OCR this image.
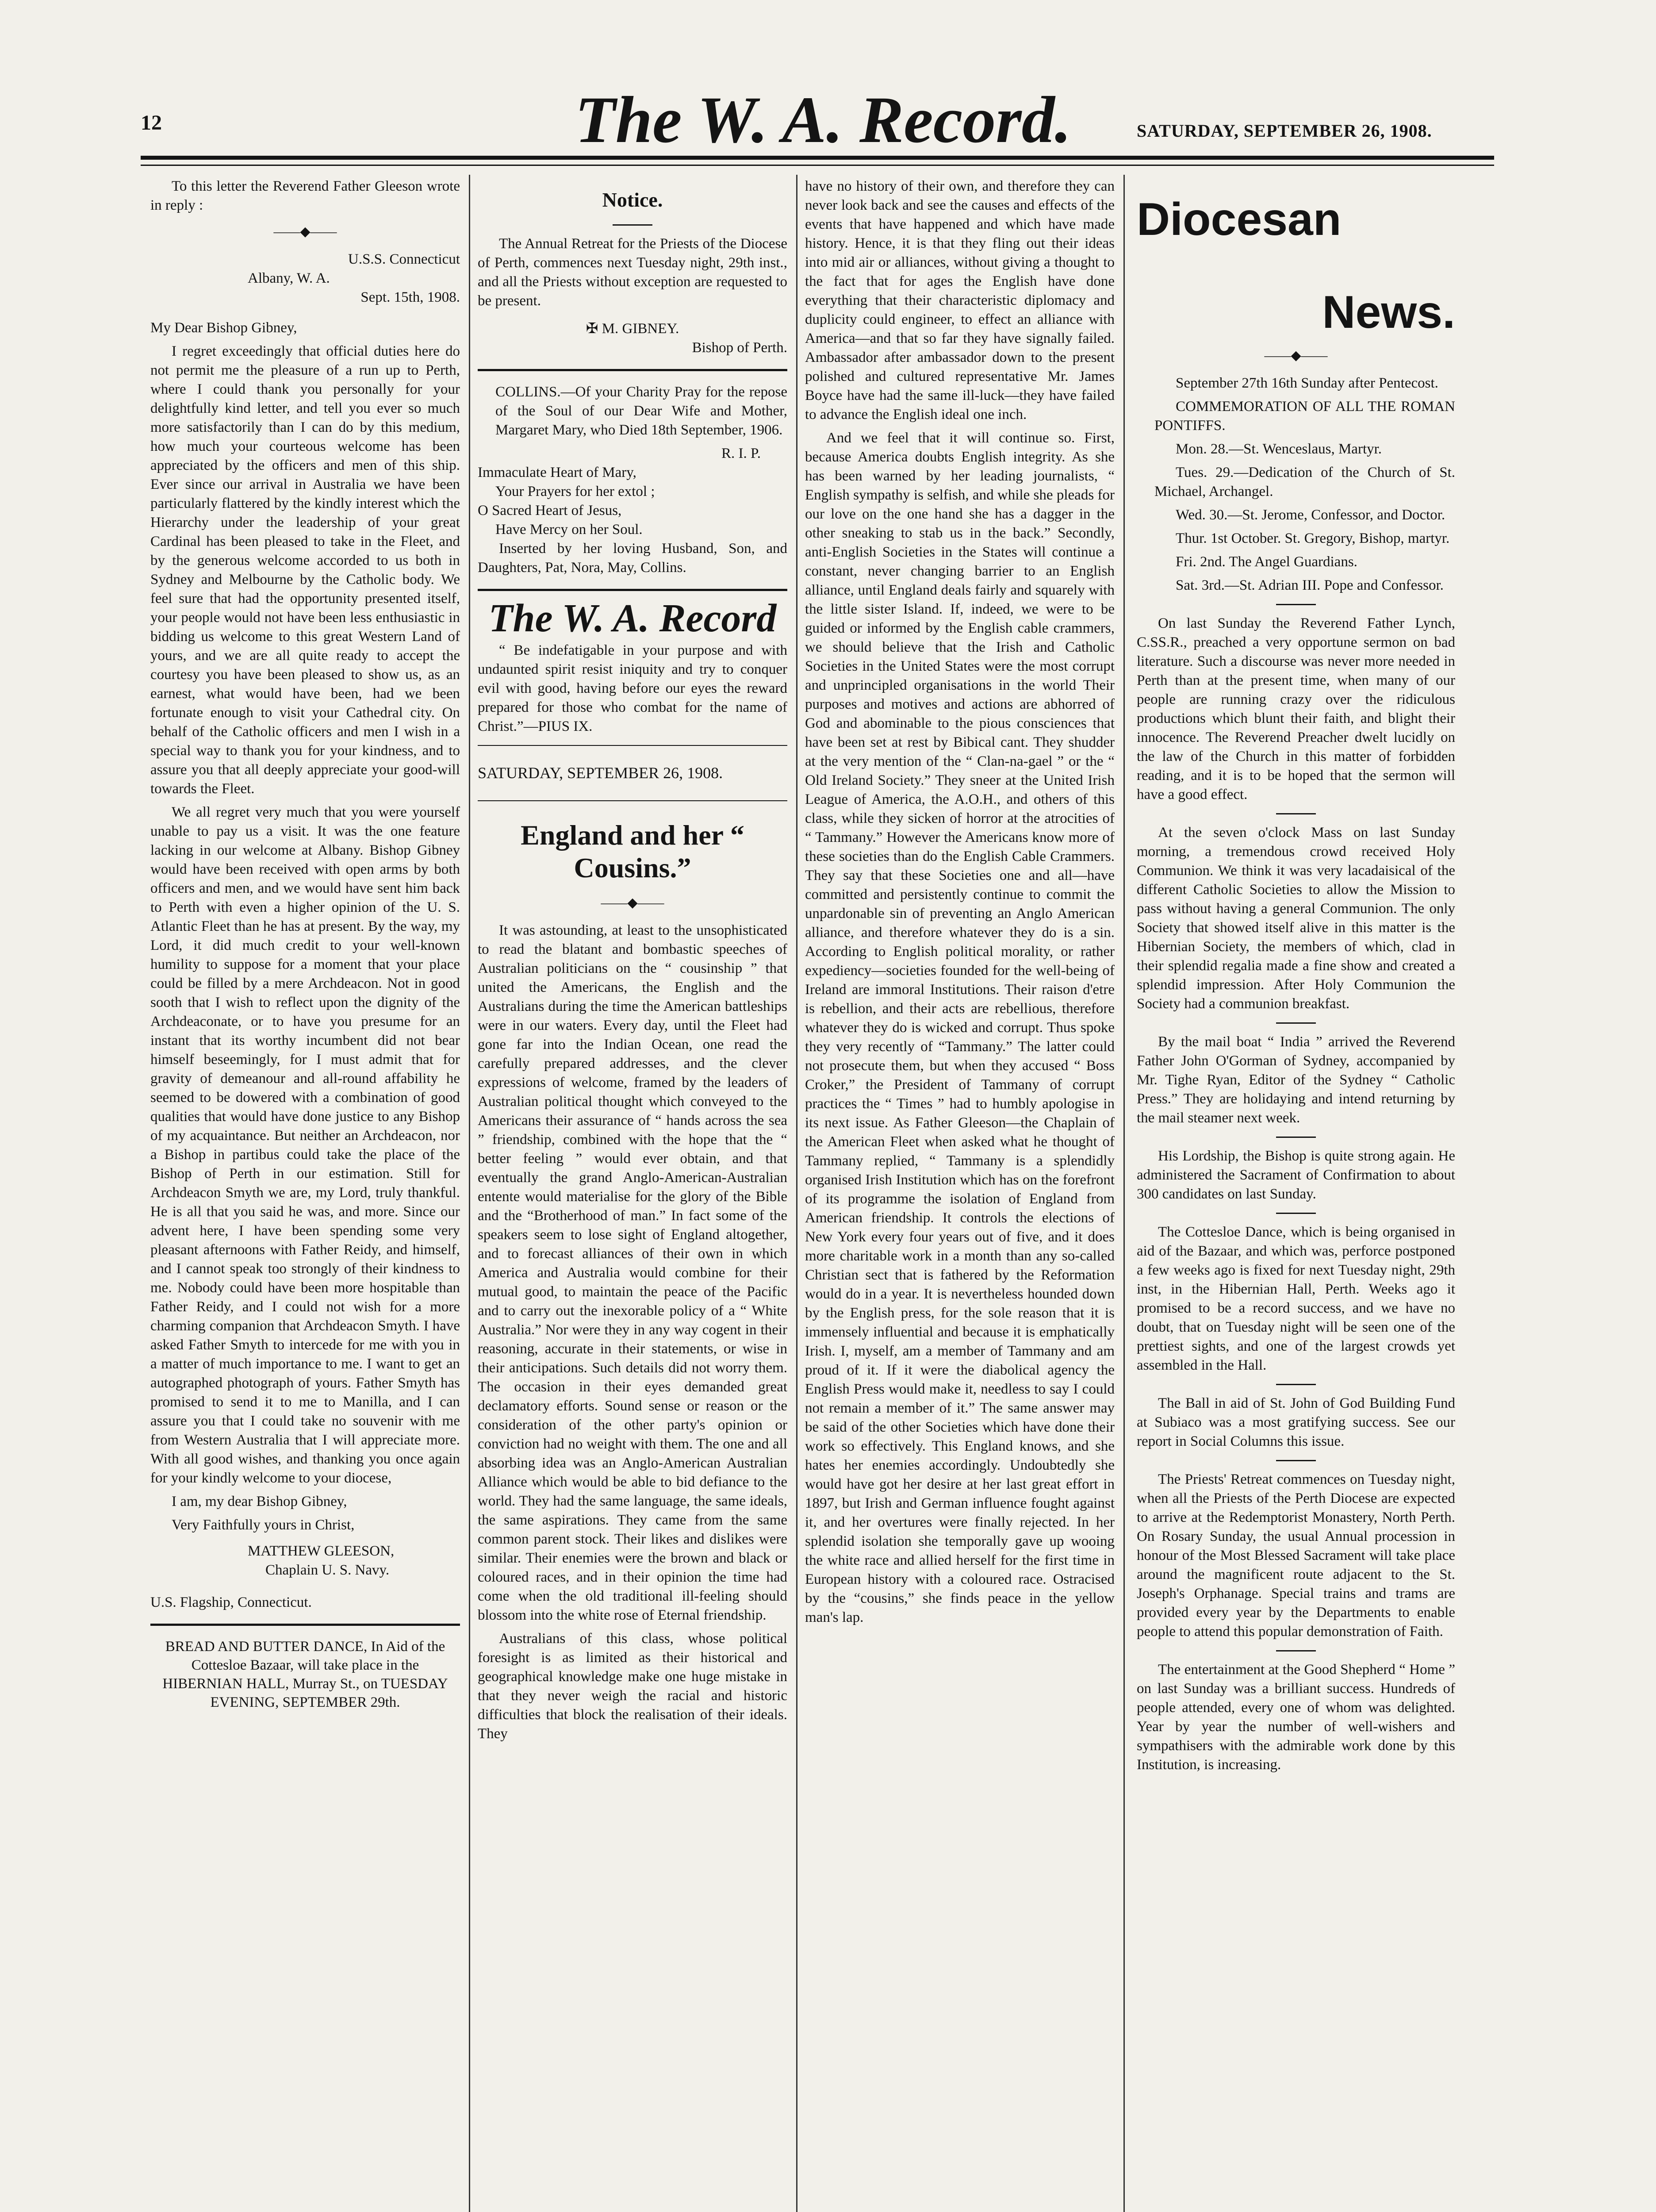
12	The W. A. Record.	SATURDAY, SEPTEMBER 26, 1908.

To this letter the Reverend Father Gleeson wrote in reply :

——◆——
U.S.S. Connecticut
Albany, W. A.
Sept. 15th, 1908.

My Dear Bishop Gibney,

I regret exceedingly that official duties here do not permit me the pleasure of a run up to Perth, where I could thank you personally for your delightfully kind letter, and tell you ever so much more satisfactorily than I can do by this medium, how much your courteous welcome has been appreciated by the officers and men of this ship. Ever since our arrival in Australia we have been particularly flattered by the kindly interest which the Hierarchy under the leadership of your great Cardinal has been pleased to take in the Fleet, and by the generous welcome accorded to us both in Sydney and Melbourne by the Catholic body. We feel sure that had the opportunity presented itself, your people would not have been less enthusiastic in bidding us welcome to this great Western Land of yours, and we are all quite ready to accept the courtesy you have been pleased to show us, as an earnest, what would have been, had we been fortunate enough to visit your Cathedral city. On behalf of the Catholic officers and men I wish in a special way to thank you for your kindness, and to assure you that all deeply appreciate your good-will towards the Fleet.

We all regret very much that you were yourself unable to pay us a visit. It was the one feature lacking in our welcome at Albany. Bishop Gibney would have been received with open arms by both officers and men, and we would have sent him back to Perth with even a higher opinion of the U. S. Atlantic Fleet than he has at present. By the way, my Lord, it did much credit to your well-known humility to suppose for a moment that your place could be filled by a mere Archdeacon. Not in good sooth that I wish to reflect upon the dignity of the Archdeaconate, or to have you presume for an instant that its worthy incumbent did not bear himself beseemingly, for I must admit that for gravity of demeanour and all-round affability he seemed to be dowered with a combination of good qualities that would have done justice to any Bishop of my acquaintance. But neither an Archdeacon, nor a Bishop in partibus could take the place of the Bishop of Perth in our estimation. Still for Archdeacon Smyth we are, my Lord, truly thankful. He is all that you said he was, and more. Since our advent here, I have been spending some very pleasant afternoons with Father Reidy, and himself, and I cannot speak too strongly of their kindness to me. Nobody could have been more hospitable than Father Reidy, and I could not wish for a more charming companion that Archdeacon Smyth. I have asked Father Smyth to intercede for me with you in a matter of much importance to me. I want to get an autographed photograph of yours. Father Smyth has promised to send it to me to Manilla, and I can assure you that I could take no souvenir with me from Western Australia that I will appreciate more. With all good wishes, and thanking you once again for your kindly welcome to your diocese,

I am, my dear Bishop Gibney,

Very Faithfully yours in Christ,

MATTHEW GLEESON,
Chaplain U. S. Navy.

U.S. Flagship, Connecticut.

BREAD AND BUTTER DANCE, In Aid of the Cottesloe Bazaar, will take place in the HIBERNIAN HALL, Murray St., on TUESDAY EVENING, SEPTEMBER 29th.
Notice.

The Annual Retreat for the Priests of the Diocese of Perth, commences next Tuesday night, 29th inst., and all the Priests without exception are requested to be present.

✠ M. GIBNEY.
Bishop of Perth.

COLLINS.—Of your Charity Pray for the repose of the Soul of our Dear Wife and Mother, Margaret Mary, who Died 18th September, 1906.

R. I. P.
Immaculate Heart of Mary,
Your Prayers for her extol ;
O Sacred Heart of Jesus,
Have Mercy on her Soul.

Inserted by her loving Husband, Son, and Daughters, Pat, Nora, May, Collins.

The W. A. Record

“ Be indefatigable in your purpose and with undaunted spirit resist iniquity and try to conquer evil with good, having before our eyes the reward prepared for those who combat for the name of Christ.”—PIUS IX.

SATURDAY, SEPTEMBER 26, 1908.
England and her “ Cousins.”
——◆——

It was astounding, at least to the unsophisticated to read the blatant and bombastic speeches of Australian politicians on the “ cousinship ” that united the Americans, the English and the Australians during the time the American battleships were in our waters. Every day, until the Fleet had gone far into the Indian Ocean, one read the carefully prepared addresses, and the clever expressions of welcome, framed by the leaders of Australian political thought which conveyed to the Americans their assurance of “ hands across the sea ” friendship, combined with the hope that the “ better feeling ” would ever obtain, and that eventually the grand Anglo-American-Australian entente would materialise for the glory of the Bible and the “Brotherhood of man.” In fact some of the speakers seem to lose sight of England altogether, and to forecast alliances of their own in which America and Australia would combine for their mutual good, to maintain the peace of the Pacific and to carry out the inexorable policy of a “ White Australia.” Nor were they in any way cogent in their reasoning, accurate in their statements, or wise in their anticipations. Such details did not worry them. The occasion in their eyes demanded great declamatory efforts. Sound sense or reason or the consideration of the other party's opinion or conviction had no weight with them. The one and all absorbing idea was an Anglo-American Australian Alliance which would be able to bid defiance to the world. They had the same language, the same ideals, the same aspirations. They came from the same common parent stock. Their likes and dislikes were similar. Their enemies were the brown and black or coloured races, and in their opinion the time had come when the old traditional ill-feeling should blossom into the white rose of Eternal friendship.

Australians of this class, whose political foresight is as limited as their historical and geographical knowledge make one huge mistake in that they never weigh the racial and historic difficulties that block the realisation of their ideals. They

have no history of their own, and therefore they can never look back and see the causes and effects of the events that have happened and which have made history. Hence, it is that they fling out their ideas into mid air or alliances, without giving a thought to the fact that for ages the English have done everything that their characteristic diplomacy and duplicity could engineer, to effect an alliance with America—and that so far they have signally failed. Ambassador after ambassador down to the present polished and cultured representative Mr. James Boyce have had the same ill-luck—they have failed to advance the English ideal one inch.

And we feel that it will continue so. First, because America doubts English integrity. As she has been warned by her leading journalists, “ English sympathy is selfish, and while she pleads for our love on the one hand she has a dagger in the other sneaking to stab us in the back.” Secondly, anti-English Societies in the States will continue a constant, never changing barrier to an English alliance, until England deals fairly and squarely with the little sister Island. If, indeed, we were to be guided or informed by the English cable crammers, we should believe that the Irish and Catholic Societies in the United States were the most corrupt and unprincipled organisations in the world Their purposes and motives and actions are abhorred of God and abominable to the pious consciences that have been set at rest by Bibical cant. They shudder at the very mention of the “ Clan-na-gael ” or the “ Old Ireland Society.” They sneer at the United Irish League of America, the A.O.H., and others of this class, while they sicken of horror at the atrocities of “ Tammany.” However the Americans know more of these societies than do the English Cable Crammers. They say that these Societies one and all—have committed and persistently continue to commit the unpardonable sin of preventing an Anglo American alliance, and therefore whatever they do is a sin. According to English political morality, or rather expediency—societies founded for the well-being of Ireland are immoral Institutions. Their raison d'etre is rebellion, and their acts are rebellious, therefore whatever they do is wicked and corrupt. Thus spoke they very recently of “Tammany.” The latter could not prosecute them, but when they accused “ Boss Croker,” the President of Tammany of corrupt practices the “ Times ” had to humbly apologise in its next issue. As Father Gleeson—the Chaplain of the American Fleet when asked what he thought of Tammany replied, “ Tammany is a splendidly organised Irish Institution which has on the forefront of its programme the isolation of England from American friendship. It controls the elections of New York every four years out of five, and it does more charitable work in a month than any so-called Christian sect that is fathered by the Reformation would do in a year. It is nevertheless hounded down by the English press, for the sole reason that it is immensely influential and because it is emphatically Irish. I, myself, am a member of Tammany and am proud of it. If it were the diabolical agency the English Press would make it, needless to say I could not remain a member of it.” The same answer may be said of the other Societies which have done their work so effectively. This England knows, and she hates her enemies accordingly. Undoubtedly she would have got her desire at her last great effort in 1897, but Irish and German influence fought against it, and her overtures were finally rejected. In her splendid isolation she temporally gave up wooing the white race and allied herself for the first time in European history with a coloured race. Ostracised by the “cousins,” she finds peace in the yellow man's lap.

Diocesan
News.
——◆——

September 27th 16th Sunday after Pentecost.

COMMEMORATION OF ALL THE ROMAN PONTIFFS.

Mon. 28.—St. Wenceslaus, Martyr.

Tues. 29.—Dedication of the Church of St. Michael, Archangel.

Wed. 30.—St. Jerome, Confessor, and Doctor.

Thur. 1st October. St. Gregory, Bishop, martyr.

Fri. 2nd. The Angel Guardians.

Sat. 3rd.—St. Adrian III. Pope and Confessor.

On last Sunday the Reverend Father Lynch, C.SS.R., preached a very opportune sermon on bad literature. Such a discourse was never more needed in Perth than at the present time, when many of our people are running crazy over the ridiculous productions which blunt their faith, and blight their innocence. The Reverend Preacher dwelt lucidly on the law of the Church in this matter of forbidden reading, and it is to be hoped that the sermon will have a good effect.

At the seven o'clock Mass on last Sunday morning, a tremendous crowd received Holy Communion. We think it was very lacadaisical of the different Catholic Societies to allow the Mission to pass without having a general Communion. The only Society that showed itself alive in this matter is the Hibernian Society, the members of which, clad in their splendid regalia made a fine show and created a splendid impression. After Holy Communion the Society had a communion breakfast.

By the mail boat “ India ” arrived the Reverend Father John O'Gorman of Sydney, accompanied by Mr. Tighe Ryan, Editor of the Sydney “ Catholic Press.” They are holidaying and intend returning by the mail steamer next week.

His Lordship, the Bishop is quite strong again. He administered the Sacrament of Confirmation to about 300 candidates on last Sunday.

The Cottesloe Dance, which is being organised in aid of the Bazaar, and which was, perforce postponed a few weeks ago is fixed for next Tuesday night, 29th inst, in the Hibernian Hall, Perth. Weeks ago it promised to be a record success, and we have no doubt, that on Tuesday night will be seen one of the prettiest sights, and one of the largest crowds yet assembled in the Hall.

The Ball in aid of St. John of God Building Fund at Subiaco was a most gratifying success. See our report in Social Columns this issue.

The Priests' Retreat commences on Tuesday night, when all the Priests of the Perth Diocese are expected to arrive at the Redemptorist Monastery, North Perth. On Rosary Sunday, the usual Annual procession in honour of the Most Blessed Sacrament will take place around the magnificent route adjacent to the St. Joseph's Orphanage. Special trains and trams are provided every year by the Departments to enable people to attend this popular demonstration of Faith.

The entertainment at the Good Shepherd “ Home ” on last Sunday was a brilliant success. Hundreds of people attended, every one of whom was delighted. Year by year the number of well-wishers and sympathisers with the admirable work done by this Institution, is increasing.
